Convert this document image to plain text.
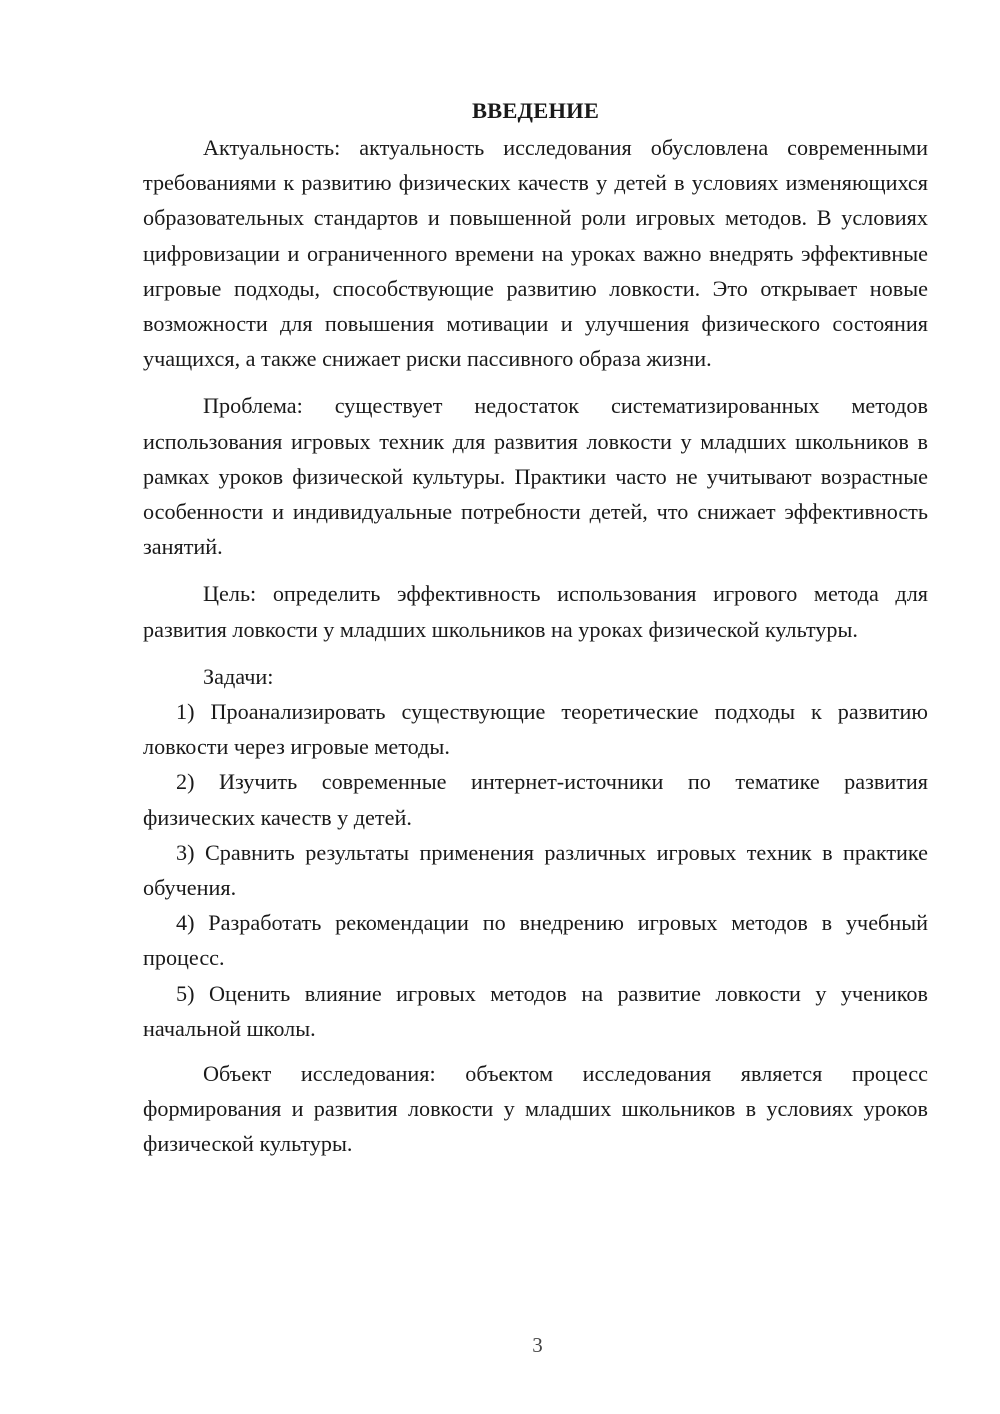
ВВЕДЕНИЕ

Актуальность: актуальность исследования обусловлена современными требованиями к развитию физических качеств у детей в условиях изменяющихся образовательных стандартов и повышенной роли игровых методов. В условиях цифровизации и ограниченного времени на уроках важно внедрять эффективные игровые подходы, способствующие развитию ловкости. Это открывает новые возможности для повышения мотивации и улучшения физического состояния учащихся, а также снижает риски пассивного образа жизни.

Проблема: существует недостаток систематизированных методов использования игровых техник для развития ловкости у младших школьников в рамках уроков физической культуры. Практики часто не учитывают возрастные особенности и индивидуальные потребности детей, что снижает эффективность занятий.

Цель: определить эффективность использования игрового метода для развития ловкости у младших школьников на уроках физической культуры.

Задачи:

1) Проанализировать существующие теоретические подходы к развитию ловкости через игровые методы.

2) Изучить современные интернет-источники по тематике развития физических качеств у детей.

3) Сравнить результаты применения различных игровых техник в практике обучения.

4) Разработать рекомендации по внедрению игровых методов в учебный процесс.

5) Оценить влияние игровых методов на развитие ловкости у учеников начальной школы.

Объект исследования: объектом исследования является процесс формирования и развития ловкости у младших школьников в условиях уроков физической культуры.

3
